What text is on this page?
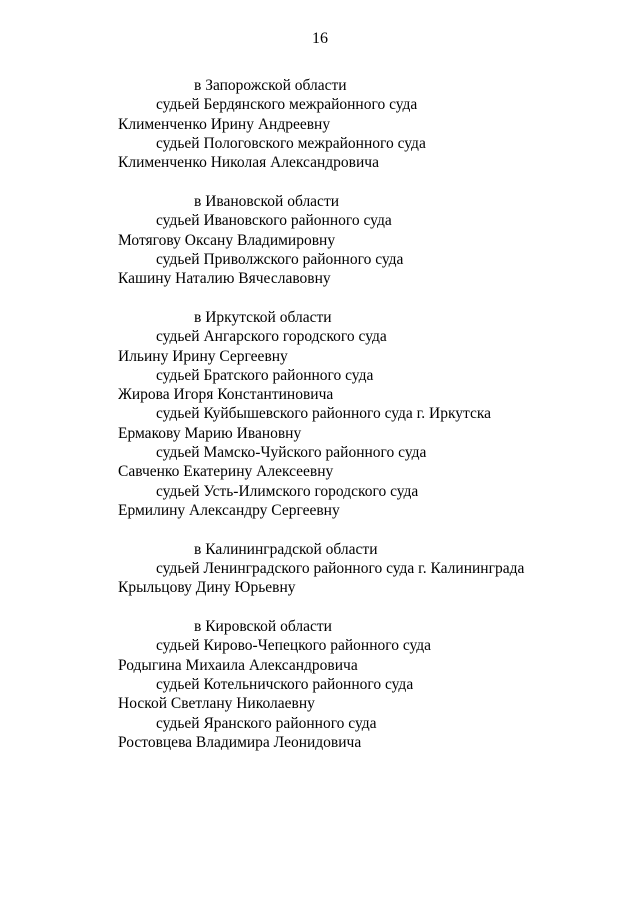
16
в Запорожской области
судьей Бердянского межрайонного суда
Клименченко Ирину Андреевну
судьей Пологовского межрайонного суда
Клименченко Николая Александровича
в Ивановской области
судьей Ивановского районного суда
Мотягову Оксану Владимировну
судьей Приволжского районного суда
Кашину Наталию Вячеславовну
в Иркутской области
судьей Ангарского городского суда
Ильину Ирину Сергеевну
судьей Братского районного суда
Жирова Игоря Константиновича
судьей Куйбышевского районного суда г. Иркутска
Ермакову Марию Ивановну
судьей Мамско-Чуйского районного суда
Савченко Екатерину Алексеевну
судьей Усть-Илимского городского суда
Ермилину Александру Сергеевну
в Калининградской области
судьей Ленинградского районного суда г. Калининграда
Крыльцову Дину Юрьевну
в Кировской области
судьей Кирово-Чепецкого районного суда
Родыгина Михаила Александровича
судьей Котельничского районного суда
Ноской Светлану Николаевну
судьей Яранского районного суда
Ростовцева Владимира Леонидовича
